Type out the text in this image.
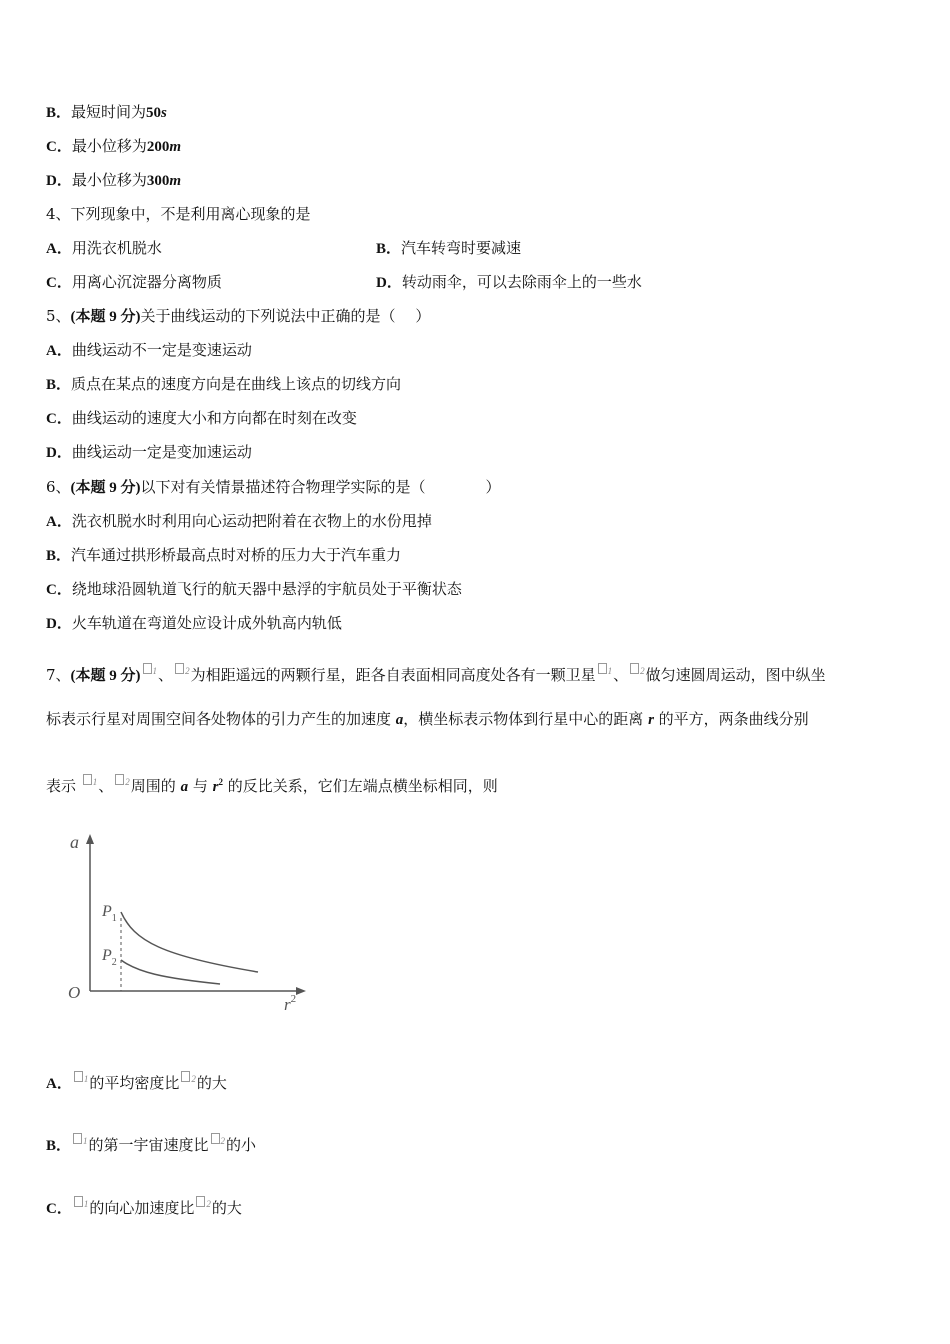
B．最短时间为50s
C．最小位移为200m
D．最小位移为300m
4、下列现象中，不是利用离心现象的是
A．用洗衣机脱水	B．汽车转弯时要减速
C．用离心沉淀器分离物质	D．转动雨伞，可以去除雨伞上的一些水
5、(本题 9 分)关于曲线运动的下列说法中正确的是（　 ）
A．曲线运动不一定是变速运动
B．质点在某点的速度方向是在曲线上该点的切线方向
C．曲线运动的速度大小和方向都在时刻在改变
D．曲线运动一定是变加速运动
6、(本题 9 分)以下对有关情景描述符合物理学实际的是（　　　　）
A．洗衣机脱水时利用向心运动把附着在衣物上的水份甩掉
B．汽车通过拱形桥最高点时对桥的压力大于汽车重力
C．绕地球沿圆轨道飞行的航天器中悬浮的宇航员处于平衡状态
D．火车轨道在弯道处应设计成外轨高内轨低
7、(本题 9 分) $^1$、 $^2$为相距遥远的两颗行星，距各自表面相同高度处各有一颗卫星 $^1$、 $^2$做匀速圆周运动，图中纵坐
标表示行星对周围空间各处物体的引力产生的加速度 a，横坐标表示物体到行星中心的距离 r 的平方，两条曲线分别
表示 $^1$、 $^2$周围的 a 与 $r^2$ 的反比关系，它们左端点横坐标相同，则
a
O
$r^2$
$P_1$
$P_2$
A． $^1$的平均密度比 $^2$的大
B． $^1$的第一宇宙速度比 $^2$的小
C． $^1$的向心加速度比 $^2$的大
